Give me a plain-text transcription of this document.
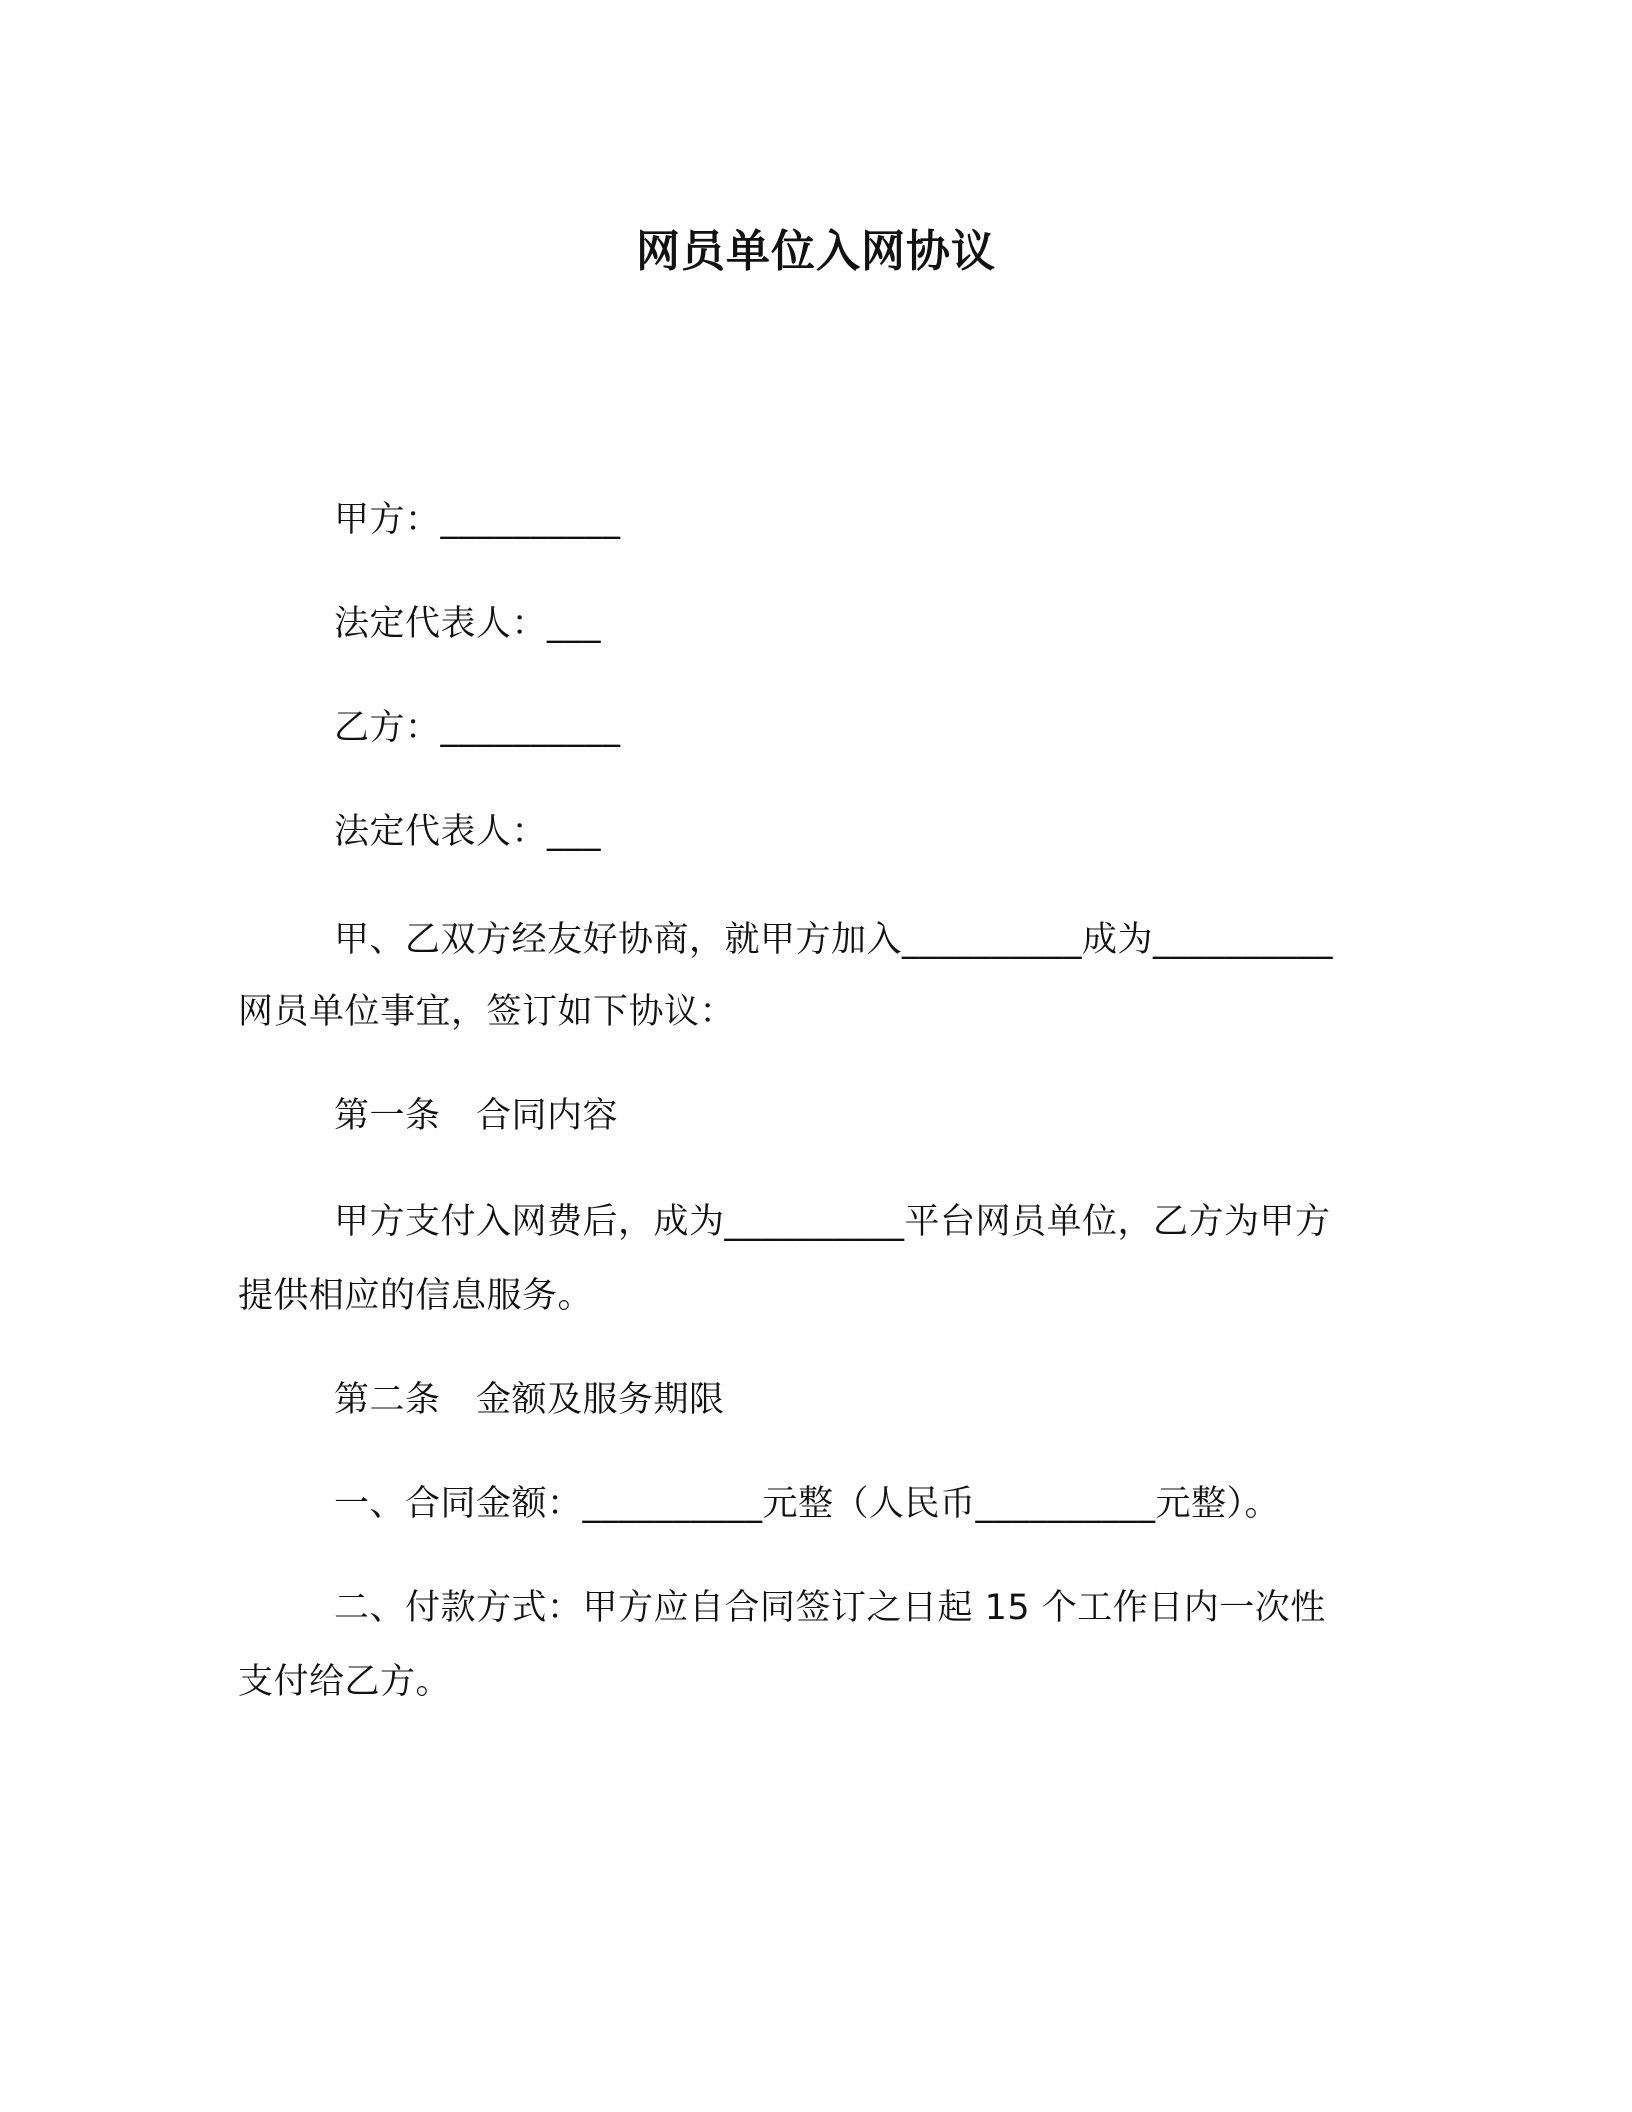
网员单位入网协议
甲方：__________
法定代表人：___
乙方：__________
法定代表人：___
甲、乙双方经友好协商，就甲方加入__________成为__________
网员单位事宜，签订如下协议：
第一条　合同内容
甲方支付入网费后，成为__________平台网员单位，乙方为甲方
提供相应的信息服务。
第二条　金额及服务期限
一、合同金额：__________元整（人民币__________元整）。
二、付款方式：甲方应自合同签订之日起 15 个工作日内一次性
支付给乙方。
